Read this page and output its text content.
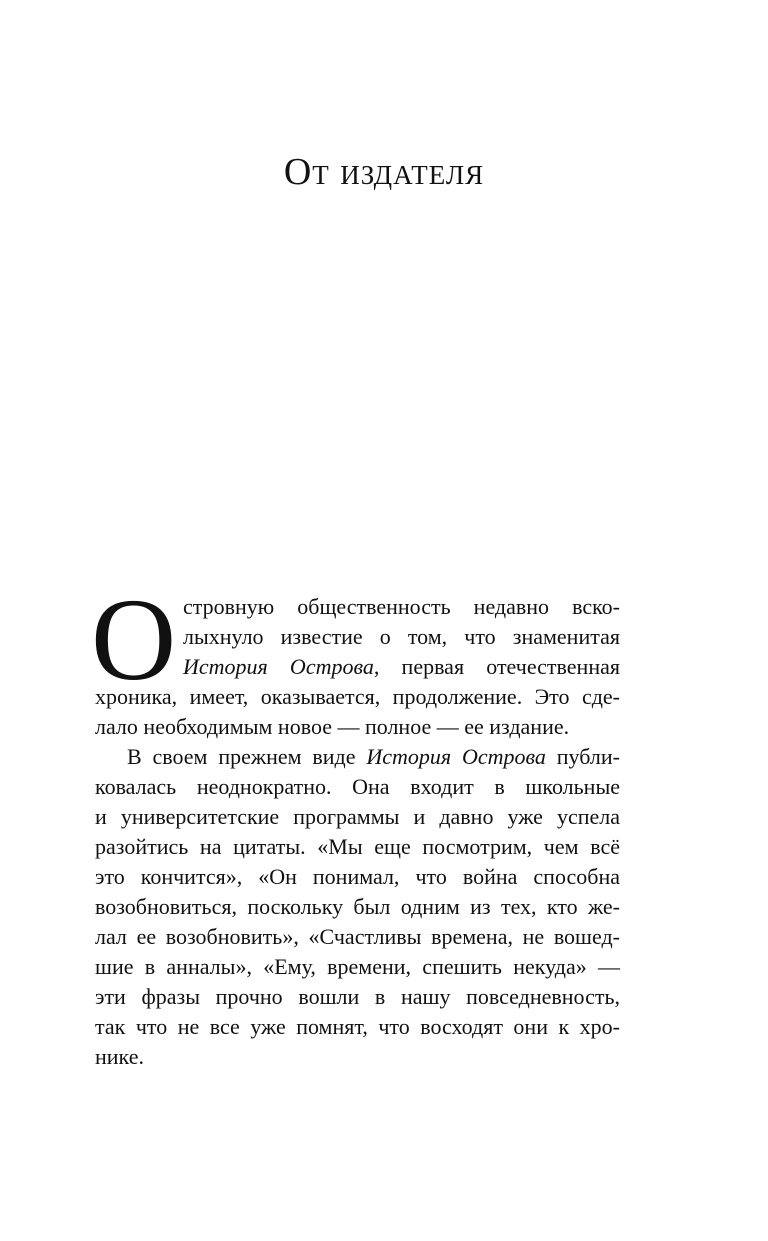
От издателя
О стровную общественность недавно вско-
лыхнуло известие о том, что знаменитая
История Острова, первая отечественная
хроника, имеет, оказывается, продолжение. Это сде-
лало необходимым новое — полное — ее издание.
В своем прежнем виде История Острова публи-
ковалась неоднократно. Она входит в школьные
и университетские программы и давно уже успела
разойтись на цитаты. «Мы еще посмотрим, чем всё
это кончится», «Он понимал, что война способна
возобновиться, поскольку был одним из тех, кто же-
лал ее возобновить», «Счастливы времена, не вошед-
шие в анналы», «Ему, времени, спешить некуда» —
эти фразы прочно вошли в нашу повседневность,
так что не все уже помнят, что восходят они к хро-
нике.
